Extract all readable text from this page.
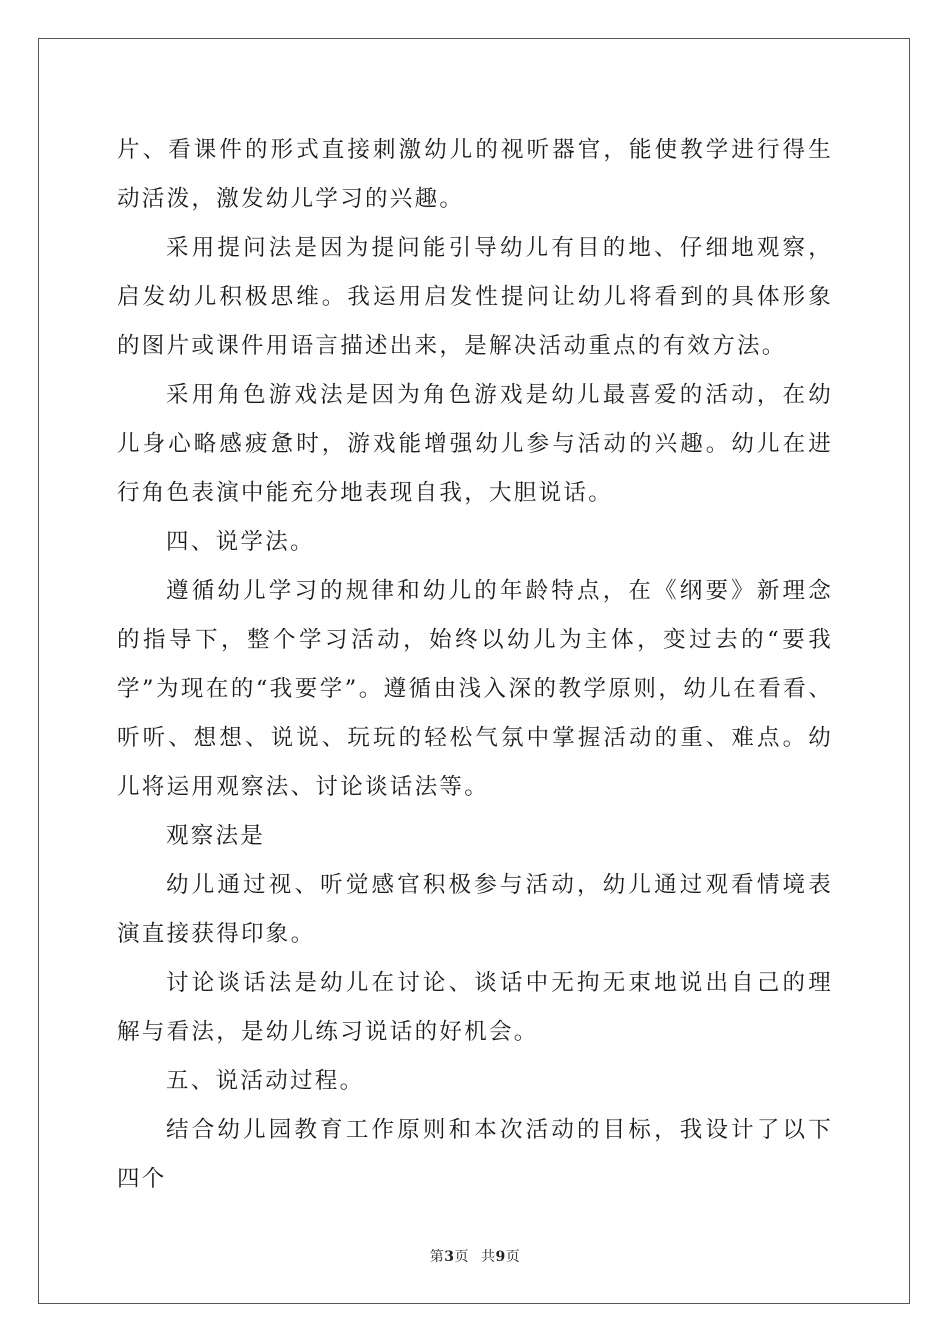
片、看课件的形式直接刺激幼儿的视听器官，能使教学进行得生动活泼，激发幼儿学习的兴趣。

采用提问法是因为提问能引导幼儿有目的地、仔细地观察，启发幼儿积极思维。我运用启发性提问让幼儿将看到的具体形象的图片或课件用语言描述出来，是解决活动重点的有效方法。

采用角色游戏法是因为角色游戏是幼儿最喜爱的活动，在幼儿身心略感疲惫时，游戏能增强幼儿参与活动的兴趣。幼儿在进行角色表演中能充分地表现自我，大胆说话。

四、说学法。

遵循幼儿学习的规律和幼儿的年龄特点，在《纲要》新理念的指导下，整个学习活动，始终以幼儿为主体，变过去的“要我学”为现在的“我要学”。遵循由浅入深的教学原则，幼儿在看看、听听、想想、说说、玩玩的轻松气氛中掌握活动的重、难点。幼儿将运用观察法、讨论谈话法等。

观察法是

幼儿通过视、听觉感官积极参与活动，幼儿通过观看情境表演直接获得印象。

讨论谈话法是幼儿在讨论、谈话中无拘无束地说出自己的理解与看法，是幼儿练习说话的好机会。

五、说活动过程。

结合幼儿园教育工作原则和本次活动的目标，我设计了以下四个

第3页 共9页
